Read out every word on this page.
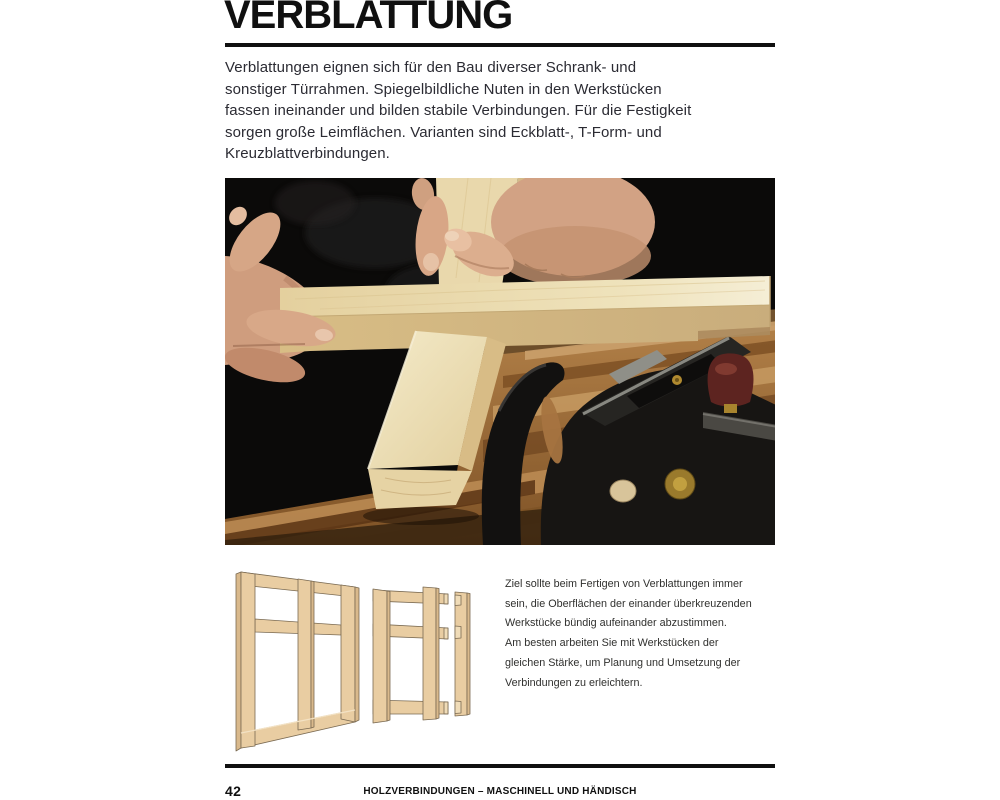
VERBLATTUNG
Verblattungen eignen sich für den Bau diverser Schrank- und
sonstiger Türrahmen. Spiegelbildliche Nuten in den Werkstücken
fassen ineinander und bilden stabile Verbindungen. Für die Festigkeit
sorgen große Leimflächen. Varianten sind Eckblatt-, T-Form- und
Kreuzblattverbindungen.
Ziel sollte beim Fertigen von Verblattungen immer
sein, die Oberflächen der einander überkreuzenden
Werkstücke bündig aufeinander abzustimmen.
Am besten arbeiten Sie mit Werkstücken der
gleichen Stärke, um Planung und Umsetzung der
Verbindungen zu erleichtern.
42	HOLZVERBINDUNGEN – MASCHINELL UND HÄNDISCH
